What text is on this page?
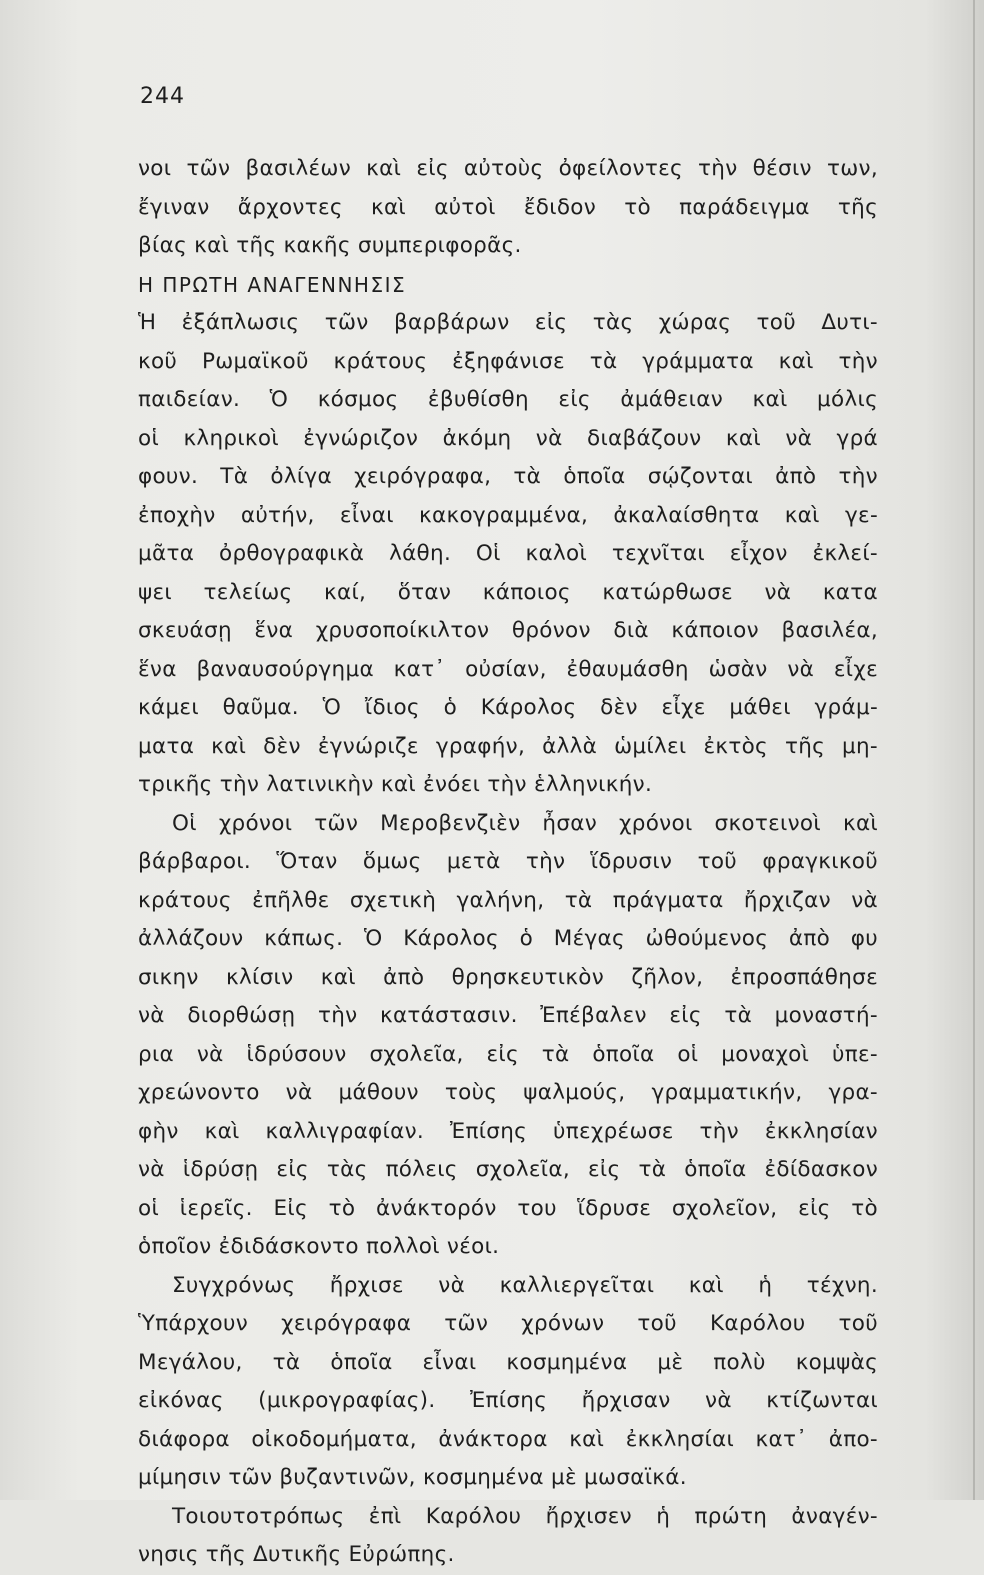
244
νοι τῶν βασιλέων καὶ εἰς αὐτοὺς ὀφείλοντες τὴν θέσιν των,
ἔγιναν ἄρχοντες καὶ αὐτοὶ ἔδιδον τὸ παράδειγμα τῆς
βίας καὶ τῆς κακῆς συμπεριφορᾶς.
Η ΠΡΩΤΗ ΑΝΑΓΕΝΝΗΣΙΣ
Ἡ ἐξάπλωσις τῶν βαρβάρων εἰς τὰς χώρας τοῦ Δυτι-
κοῦ Ρωμαϊκοῦ κράτους ἐξηφάνισε τὰ γράμματα καὶ τὴν
παιδείαν. Ὁ κόσμος ἐβυθίσθη εἰς ἀμάθειαν καὶ μόλις
οἱ κληρικοὶ ἐγνώριζον ἀκόμη νὰ διαβάζουν καὶ νὰ γρά
φουν. Τὰ ὀλίγα χειρόγραφα, τὰ ὁποῖα σῴζονται ἀπὸ τὴν
ἐποχὴν αὐτήν, εἶναι κακογραμμένα, ἀκαλαίσθητα καὶ γε-
μᾶτα ὀρθογραφικὰ λάθη. Οἱ καλοὶ τεχνῖται εἶχον ἐκλεί-
ψει τελείως καί, ὅταν κάποιος κατώρθωσε νὰ κατα
σκευάσῃ ἕνα χρυσοποίκιλτον θρόνον διὰ κάποιον βασιλέα,
ἕνα βαναυσούργημα κατ᾽ οὐσίαν, ἐθαυμάσθη ὡσὰν νὰ εἶχε
κάμει θαῦμα. Ὁ ἴδιος ὁ Κάρολος δὲν εἶχε μάθει γράμ-
ματα καὶ δὲν ἐγνώριζε γραφήν, ἀλλὰ ὡμίλει ἐκτὸς τῆς μη-
τρικῆς τὴν λατινικὴν καὶ ἐνόει τὴν ἑλληνικήν.
Οἱ χρόνοι τῶν Μεροβενζιὲν ἦσαν χρόνοι σκοτεινοὶ καὶ
βάρβαροι. Ὅταν ὅμως μετὰ τὴν ἵδρυσιν τοῦ φραγκικοῦ
κράτους ἐπῆλθε σχετικὴ γαλήνη, τὰ πράγματα ἤρχιζαν νὰ
ἀλλάζουν κάπως. Ὁ Κάρολος ὁ Μέγας ὠθούμενος ἀπὸ φυ
σικην κλίσιν καὶ ἀπὸ θρησκευτικὸν ζῆλον, ἐπροσπάθησε
νὰ διορθώσῃ τὴν κατάστασιν. Ἐπέβαλεν εἰς τὰ μοναστή-
ρια νὰ ἱδρύσουν σχολεῖα, εἰς τὰ ὁποῖα οἱ μοναχοὶ ὑπε-
χρεώνοντο νὰ μάθουν τοὺς ψαλμούς, γραμματικήν, γρα-
φὴν καὶ καλλιγραφίαν. Ἐπίσης ὑπεχρέωσε τὴν ἐκκλησίαν
νὰ ἱδρύσῃ εἰς τὰς πόλεις σχολεῖα, εἰς τὰ ὁποῖα ἐδίδασκον
οἱ ἱερεῖς. Εἰς τὸ ἀνάκτορόν του ἵδρυσε σχολεῖον, εἰς τὸ
ὁποῖον ἐδιδάσκοντο πολλοὶ νέοι.
Συγχρόνως ἤρχισε νὰ καλλιεργεῖται καὶ ἡ τέχνη.
Ὑπάρχουν χειρόγραφα τῶν χρόνων τοῦ Καρόλου τοῦ
Μεγάλου, τὰ ὁποῖα εἶναι κοσμημένα μὲ πολὺ κομψὰς
εἰκόνας (μικρογραφίας). Ἐπίσης ἤρχισαν νὰ κτίζωνται
διάφορα οἰκοδομήματα, ἀνάκτορα καὶ ἐκκλησίαι κατ᾽ ἀπο-
μίμησιν τῶν βυζαντινῶν, κοσμημένα μὲ μωσαϊκά.
Τοιουτοτρόπως ἐπὶ Καρόλου ἤρχισεν ἡ πρώτη ἀναγέν-
νησις τῆς Δυτικῆς Εὐρώπης.
